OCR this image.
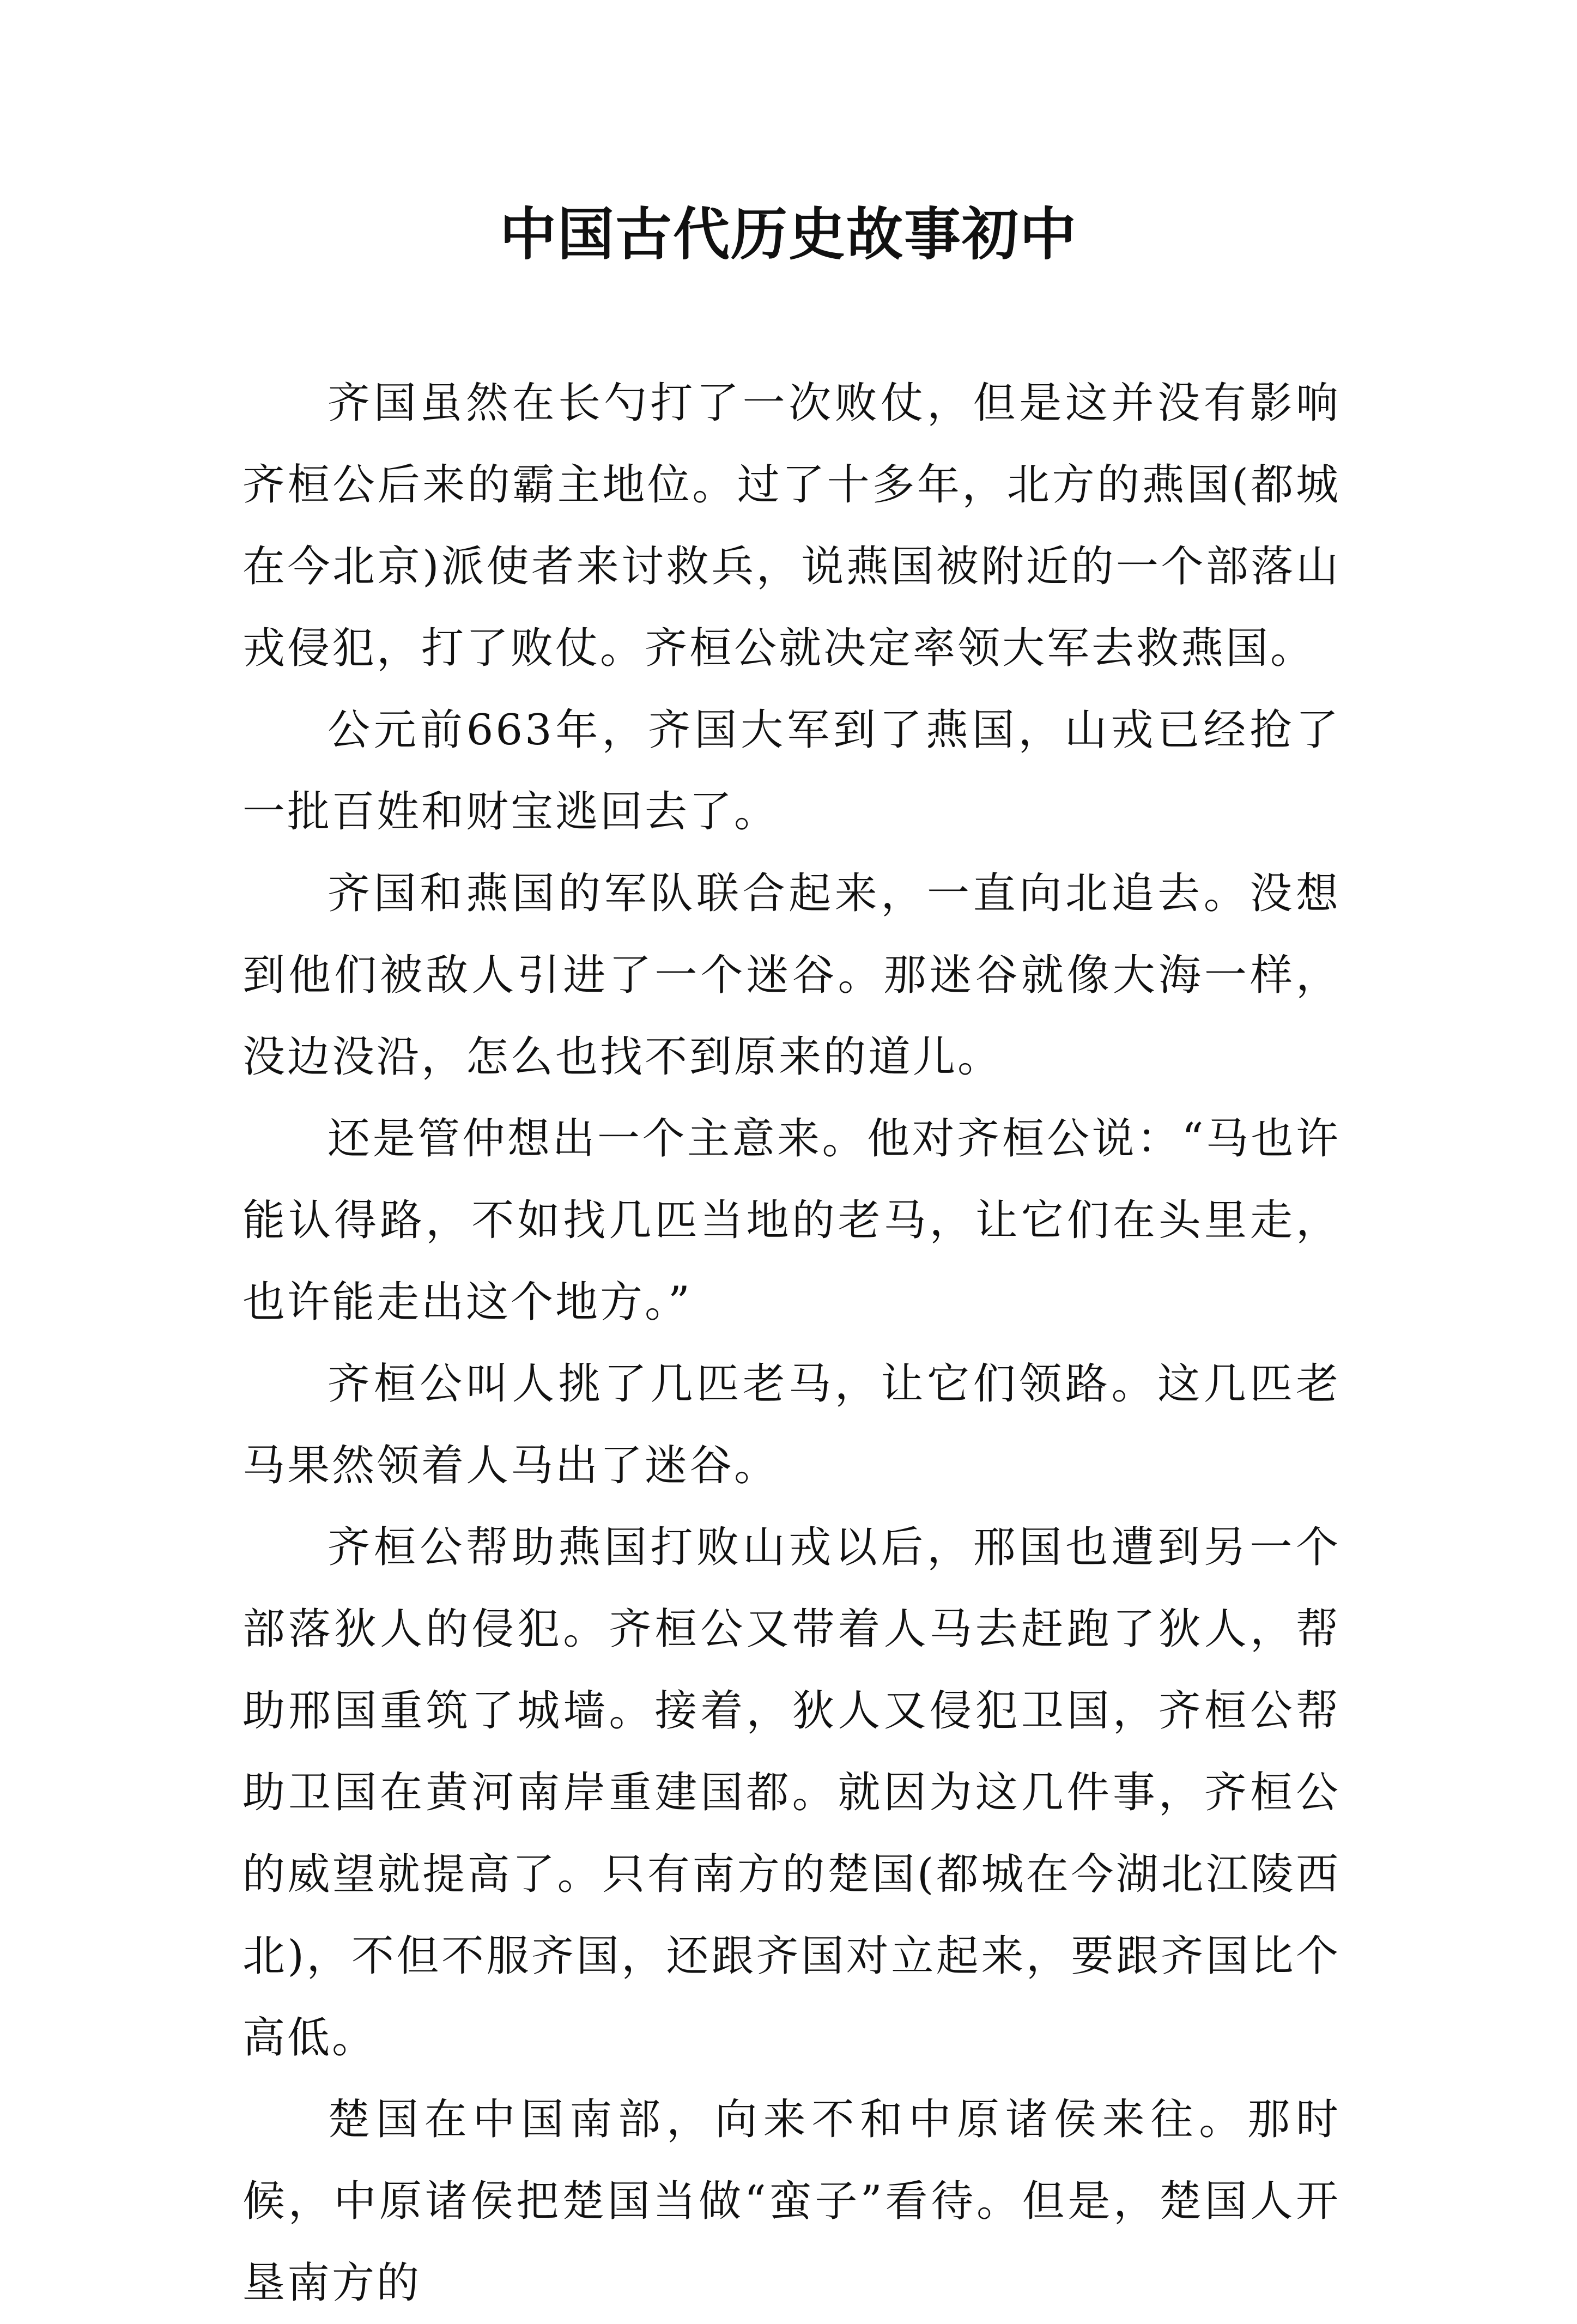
中国古代历史故事初中

齐国虽然在长勺打了一次败仗，但是这并没有影响齐桓公后来的霸主地位。过了十多年，北方的燕国(都城在今北京)派使者来讨救兵，说燕国被附近的一个部落山戎侵犯，打了败仗。齐桓公就决定率领大军去救燕国。

公元前663年，齐国大军到了燕国，山戎已经抢了一批百姓和财宝逃回去了。

齐国和燕国的军队联合起来，一直向北追去。没想到他们被敌人引进了一个迷谷。那迷谷就像大海一样，没边没沿，怎么也找不到原来的道儿。

还是管仲想出一个主意来。他对齐桓公说：“马也许能认得路，不如找几匹当地的老马，让它们在头里走，也许能走出这个地方。”

齐桓公叫人挑了几匹老马，让它们领路。这几匹老马果然领着人马出了迷谷。

齐桓公帮助燕国打败山戎以后，邢国也遭到另一个部落狄人的侵犯。齐桓公又带着人马去赶跑了狄人，帮助邢国重筑了城墙。接着，狄人又侵犯卫国，齐桓公帮助卫国在黄河南岸重建国都。就因为这几件事，齐桓公的威望就提高了。只有南方的楚国(都城在今湖北江陵西北)，不但不服齐国，还跟齐国对立起来，要跟齐国比个高低。

楚国在中国南部，向来不和中原诸侯来往。那时候，中原诸侯把楚国当做“蛮子”看待。但是，楚国人开垦南方的
